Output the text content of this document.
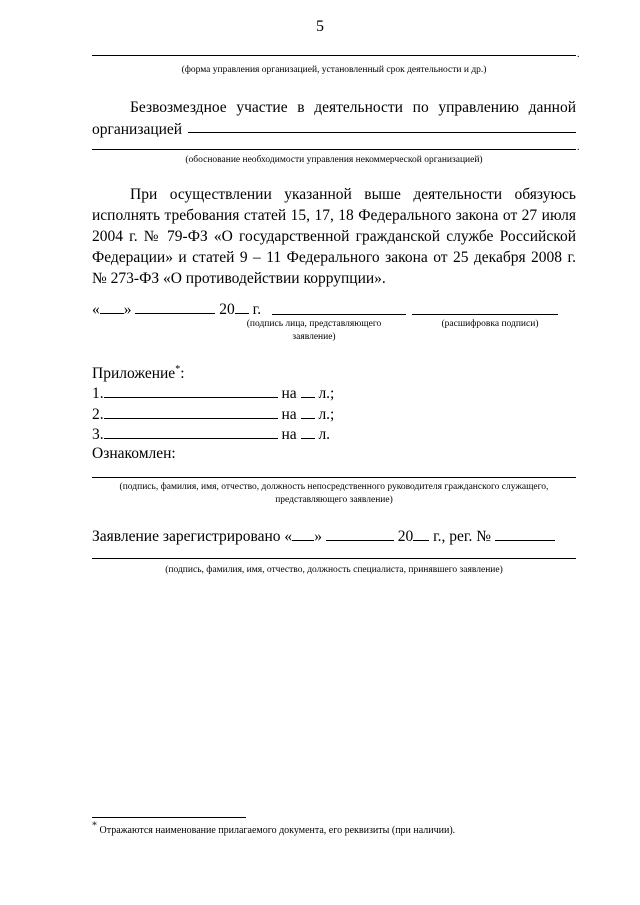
5
.
(форма управления организацией, установленный срок деятельности и др.)
Безвозмездное участие в деятельности по управлению данной
организацией
.
(обоснование необходимости управления некоммерческой организацией)
При осуществлении указанной выше деятельности обязуюсь
исполнять требования статей 15, 17, 18 Федерального закона от 27 июля
2004 г. № 79-ФЗ «О государственной гражданской службе Российской
Федерации» и статей 9 – 11 Федерального закона от 25 декабря 2008 г.
№ 273-ФЗ «О противодействии коррупции».
« »	20 г.
(подпись лица, представляющего заявление)
(расшифровка подписи)
Приложение*:
1.	на л.;
2.	на л.;
3.	на л.
Ознакомлен:
(подпись, фамилия, имя, отчество, должность непосредственного руководителя гражданского служащего, представляющего заявление)
Заявление зарегистрировано « »	20 г., рег. №
(подпись, фамилия, имя, отчество, должность специалиста, принявшего заявление)
* Отражаются наименование прилагаемого документа, его реквизиты (при наличии).
